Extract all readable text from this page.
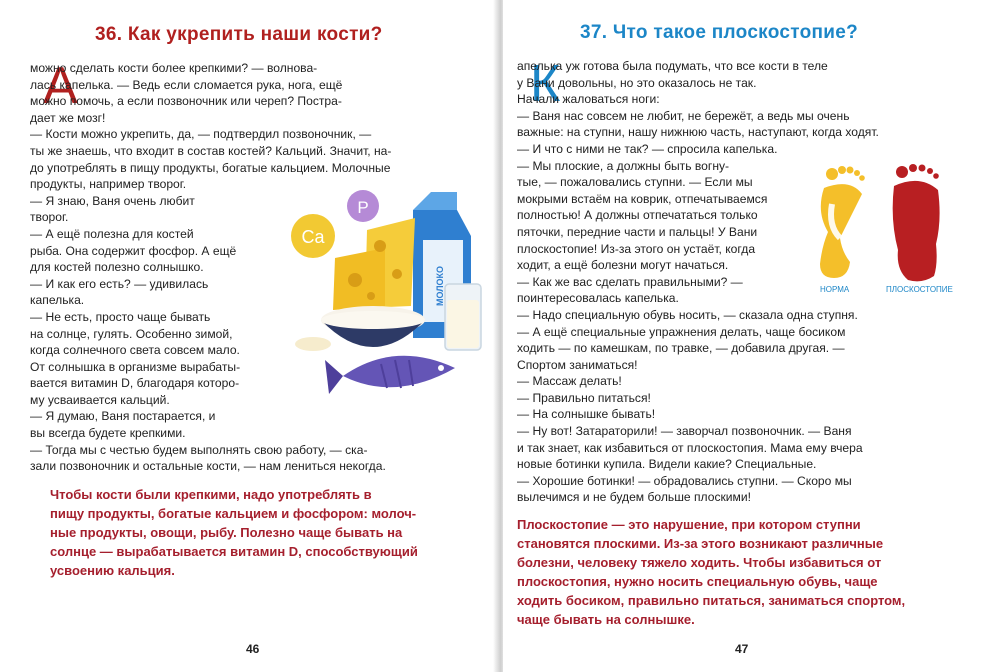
36. Как укрепить наши кости?
А

можно сделать кости более крепкими? — волнова-

лась капелька. — Ведь если сломается рука, нога, ещё

можно помочь, а если позвоночник или череп? Постра-

дает же мозг!

— Кости можно укрепить, да, — подтвердил позвоночник, —

ты же знаешь, что входит в состав костей? Кальций. Значит, на-

до употреблять в пищу продукты, богатые кальцием. Молочные

продукты, например творог.

— Я знаю, Ваня очень любит

творог.

— А ещё полезна для костей

рыба. Она содержит фосфор. А ещё

для костей полезно солнышко.

— И как его есть? — удивилась

капелька.

— Не есть, просто чаще бывать

на солнце, гулять. Особенно зимой,

когда солнечного света совсем мало.

От солнышка в организме вырабаты-

вается витамин D, благодаря которо-

му усваивается кальций.

— Я думаю, Ваня постарается, и

вы всегда будете крепкими.

— Тогда мы с честью будем выполнять свою работу, — ска-

зали позвоночник и остальные кости, — нам лениться некогда.

Ca
P
МОЛОКО

Чтобы кости были крепкими, надо употреблять в

пищу продукты, богатые кальцием и фосфором: молоч-

ные продукты, овощи, рыбу. Полезно чаще бывать на

солнце — вырабатывается витамин D, способствующий

усвоению кальция.

46
37. Что такое плоскостопие?
К

апелька уж готова была подумать, что все кости в теле

у Вани довольны, но это оказалось не так.

Начали жаловаться ноги:

— Ваня нас совсем не любит, не бережёт, а ведь мы очень

важные: на ступни, нашу нижнюю часть, наступают, когда ходят.

— И что с ними не так? — спросила капелька.

— Мы плоские, а должны быть вогну-

тые, — пожаловались ступни. — Если мы

мокрыми встаём на коврик, отпечатываемся

полностью! А должны отпечататься только

пяточки, передние части и пальцы! У Вани

плоскостопие! Из-за этого он устаёт, когда

ходит, а ещё болезни могут начаться.

— Как же вас сделать правильными? —

поинтересовалась капелька.

— Надо специальную обувь носить, — сказала одна ступня.

— А ещё специальные упражнения делать, чаще босиком

ходить — по камешкам, по травке, — добавила другая. —

Спортом заниматься!

— Массаж делать!

— Правильно питаться!

— На солнышке бывать!

— Ну вот! Затараторили! — заворчал позвоночник. — Ваня

и так знает, как избавиться от плоскостопия. Мама ему вчера

новые ботинки купила. Видели какие? Специальные.

— Хорошие ботинки! — обрадовались ступни. — Скоро мы

вылечимся и не будем больше плоскими!

Плоскостопие — это нарушение, при котором ступни

становятся плоскими. Из-за этого возникают различные

болезни, человеку тяжело ходить. Чтобы избавиться от

плоскостопия, нужно носить специальную обувь, чаще

ходить босиком, правильно питаться, заниматься спортом,

чаще бывать на солнышке.

47
НОРМА	ПЛОСКОСТОПИЕ
